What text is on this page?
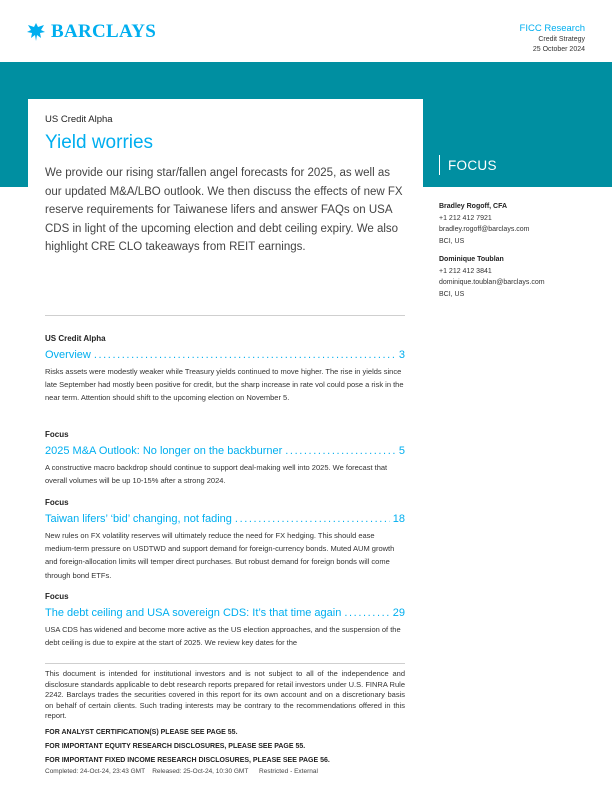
BARCLAYS	FICC Research
Credit Strategy
25 October 2024
US Credit Alpha
Yield worries
We provide our rising star/fallen angel forecasts for 2025, as well as our updated M&A/LBO outlook. We then discuss the effects of new FX reserve requirements for Taiwanese lifers and answer FAQs on USA CDS in light of the upcoming election and debt ceiling expiry. We also highlight CRE CLO takeaways from REIT earnings.
FOCUS
Bradley Rogoff, CFA
+1 212 412 7921
bradley.rogoff@barclays.com
BCI, US
Dominique Toublan
+1 212 412 3841
dominique.toublan@barclays.com
BCI, US
US Credit Alpha
Overview .....	3
Risks assets were modestly weaker while Treasury yields continued to move higher. The rise in yields since late September had mostly been positive for credit, but the sharp increase in rate vol could pose a risk in the near term. Attention should shift to the upcoming election on November 5.
Focus
2025 M&A Outlook: No longer on the backburner .....	5
A constructive macro backdrop should continue to support deal-making well into 2025. We forecast that overall volumes will be up 10-15% after a strong 2024.
Focus
Taiwan lifers’ ‘bid’ changing, not fading .....	18
New rules on FX volatility reserves will ultimately reduce the need for FX hedging. This should ease medium-term pressure on USDTWD and support demand for foreign-currency bonds. Muted AUM growth and foreign-allocation limits will temper direct purchases. But robust demand for foreign bonds will come through bond ETFs.
Focus
The debt ceiling and USA sovereign CDS: It’s that time again .....	29
USA CDS has widened and become more active as the US election approaches, and the suspension of the debt ceiling is due to expire at the start of 2025. We review key dates for the
This document is intended for institutional investors and is not subject to all of the independence and disclosure standards applicable to debt research reports prepared for retail investors under U.S. FINRA Rule 2242. Barclays trades the securities covered in this report for its own account and on a discretionary basis on behalf of certain clients. Such trading interests may be contrary to the recommendations offered in this report.
FOR ANALYST CERTIFICATION(S) PLEASE SEE PAGE 55.
FOR IMPORTANT EQUITY RESEARCH DISCLOSURES, PLEASE SEE PAGE 55.
FOR IMPORTANT FIXED INCOME RESEARCH DISCLOSURES, PLEASE SEE PAGE 56.
Completed: 24-Oct-24, 23:43 GMT Released: 25-Oct-24, 10:30 GMT Restricted - External
